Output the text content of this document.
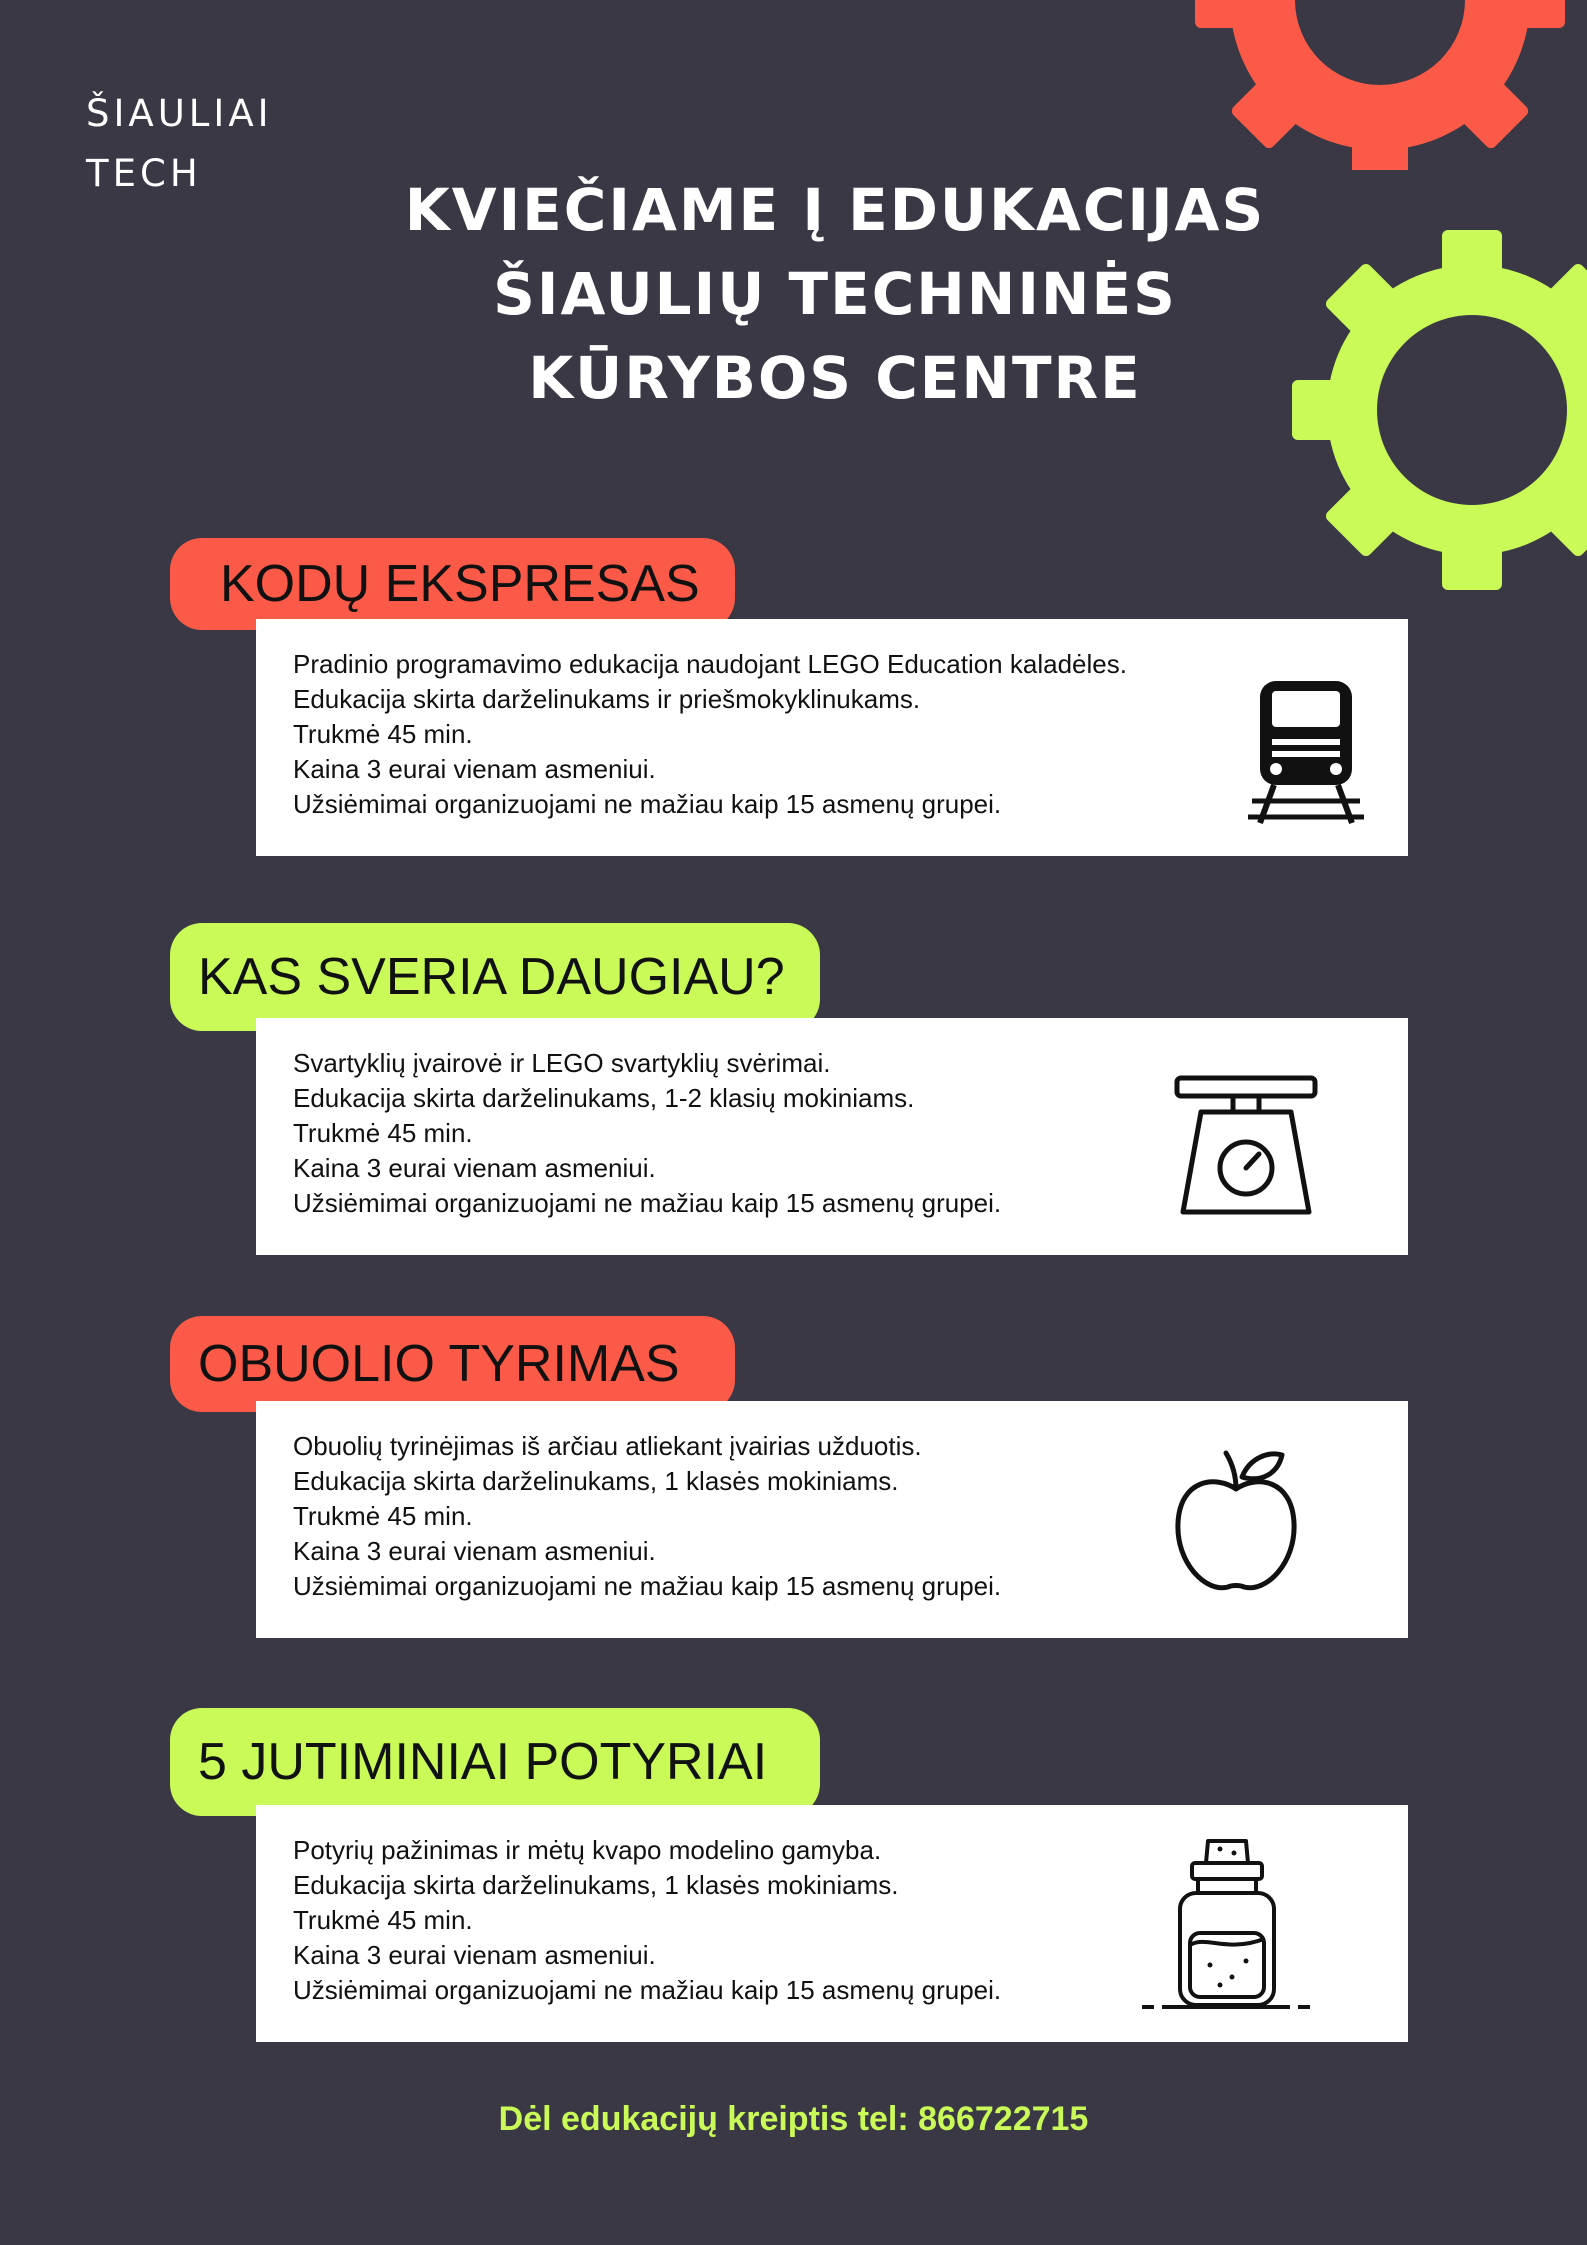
ŠIAULIAI
TECH
KVIEČIAME Į EDUKACIJAS
ŠIAULIŲ TECHNINĖS
KŪRYBOS CENTRE
KODŲ EKSPRESAS
Pradinio programavimo edukacija naudojant LEGO Education kaladėles.
Edukacija skirta darželinukams ir priešmokyklinukams.
Trukmė 45 min.
Kaina 3 eurai vienam asmeniui.
Užsiėmimai organizuojami ne mažiau kaip 15 asmenų grupei.
KAS SVERIA DAUGIAU?
Svartyklių įvairovė ir LEGO svartyklių svėrimai.
Edukacija skirta darželinukams, 1-2 klasių mokiniams.
Trukmė 45 min.
Kaina 3 eurai vienam asmeniui.
Užsiėmimai organizuojami ne mažiau kaip 15 asmenų grupei.
OBUOLIO TYRIMAS
Obuolių tyrinėjimas iš arčiau atliekant įvairias užduotis.
Edukacija skirta darželinukams, 1 klasės mokiniams.
Trukmė 45 min.
Kaina 3 eurai vienam asmeniui.
Užsiėmimai organizuojami ne mažiau kaip 15 asmenų grupei.
5 JUTIMINIAI POTYRIAI
Potyrių pažinimas ir mėtų kvapo modelino gamyba.
Edukacija skirta darželinukams, 1 klasės mokiniams.
Trukmė 45 min.
Kaina 3 eurai vienam asmeniui.
Užsiėmimai organizuojami ne mažiau kaip 15 asmenų grupei.
Dėl edukacijų kreiptis tel: 866722715
